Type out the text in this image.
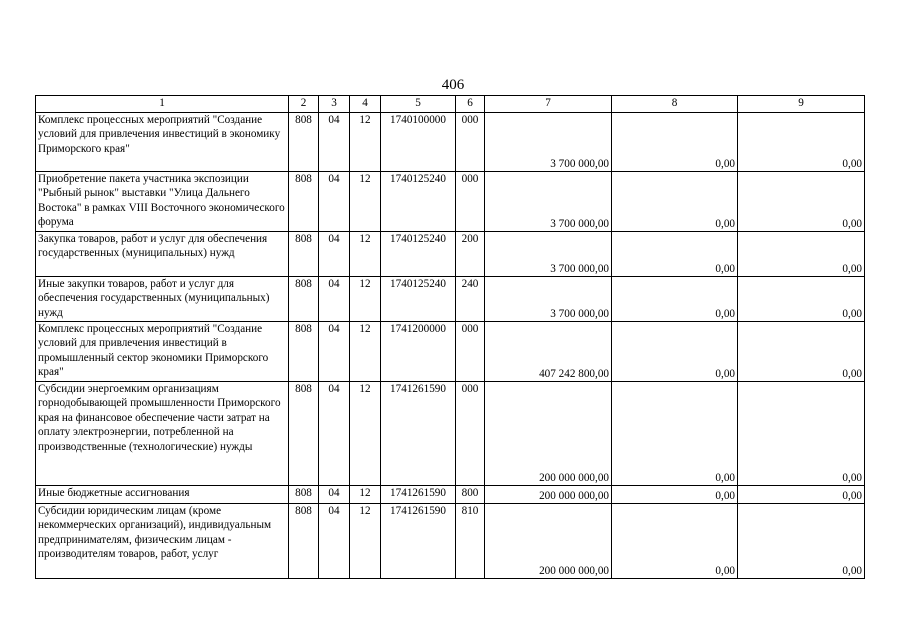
406
1	2	3	4	5	6	7	8	9
Комплекс процессных мероприятий "Создание условий для привлечения инвестиций в экономику Приморского края"	808	04	12	1740100000	000	3 700 000,00	0,00	0,00
Приобретение пакета участника экспозиции "Рыбный рынок" выставки "Улица Дальнего Востока" в рамках VIII Восточного экономического форума	808	04	12	1740125240	000	3 700 000,00	0,00	0,00
Закупка товаров, работ и услуг для обеспечения государственных (муниципальных) нужд	808	04	12	1740125240	200	3 700 000,00	0,00	0,00
Иные закупки товаров, работ и услуг для обеспечения государственных (муниципальных) нужд	808	04	12	1740125240	240	3 700 000,00	0,00	0,00
Комплекс процессных мероприятий "Создание условий для привлечения инвестиций в промышленный сектор экономики Приморского края"	808	04	12	1741200000	000	407 242 800,00	0,00	0,00
Субсидии энергоемким организациям горнодобывающей промышленности Приморского края на финансовое обеспечение части затрат на оплату электроэнергии, потребленной на производственные (технологические) нужды	808	04	12	1741261590	000	200 000 000,00	0,00	0,00
Иные бюджетные ассигнования	808	04	12	1741261590	800	200 000 000,00	0,00	0,00
Субсидии юридическим лицам (кроме некоммерческих организаций), индивидуальным предпринимателям, физическим лицам - производителям товаров, работ, услуг	808	04	12	1741261590	810	200 000 000,00	0,00	0,00
